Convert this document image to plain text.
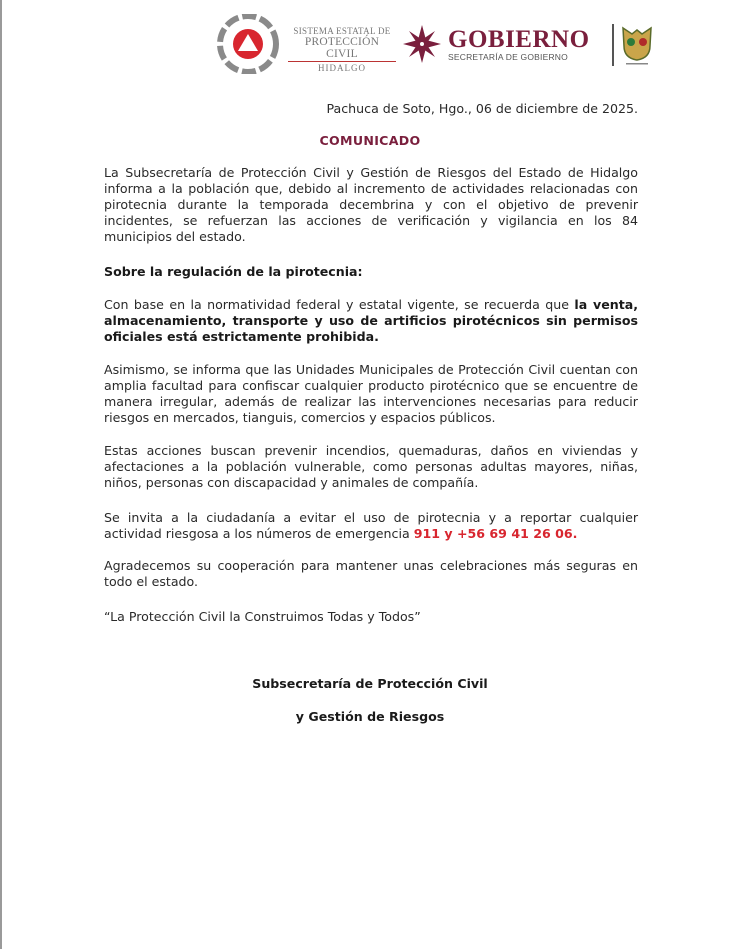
SISTEMA ESTATAL DE
PROTECCIÓN CIVIL
HIDALGO
GOBIERNO
SECRETARÍA DE GOBIERNO
Pachuca de Soto, Hgo., 06 de diciembre de 2025.
COMUNICADO

La Subsecretaría de Protección Civil y Gestión de Riesgos del Estado de Hidalgo informa a la población que, debido al incremento de actividades relacionadas con pirotecnia durante la temporada decembrina y con el objetivo de prevenir incidentes, se refuerzan las acciones de verificación y vigilancia en los 84 municipios del estado.

Sobre la regulación de la pirotecnia:

Con base en la normatividad federal y estatal vigente, se recuerda que la venta, almacenamiento, transporte y uso de artificios pirotécnicos sin permisos oficiales está estrictamente prohibida.

Asimismo, se informa que las Unidades Municipales de Protección Civil cuentan con amplia facultad para confiscar cualquier producto pirotécnico que se encuentre de manera irregular, además de realizar las intervenciones necesarias para reducir riesgos en mercados, tianguis, comercios y espacios públicos.

Estas acciones buscan prevenir incendios, quemaduras, daños en viviendas y afectaciones a la población vulnerable, como personas adultas mayores, niñas, niños, personas con discapacidad y animales de compañía.

Se invita a la ciudadanía a evitar el uso de pirotecnia y a reportar cualquier actividad riesgosa a los números de emergencia 911 y +56 69 41 26 06.

Agradecemos su cooperación para mantener unas celebraciones más seguras en todo el estado.

“La Protección Civil la Construimos Todas y Todos”

Subsecretaría de Protección Civil
y Gestión de Riesgos
